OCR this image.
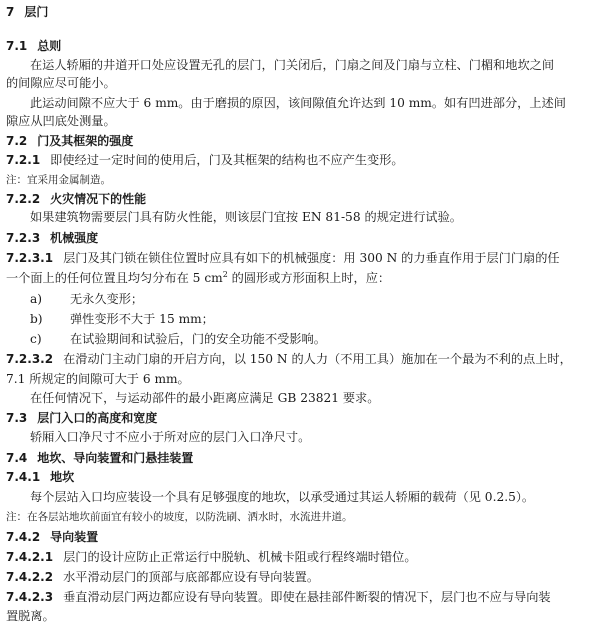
7 层门
7.1 总则
在运人轿厢的井道开口处应设置无孔的层门，门关闭后，门扇之间及门扇与立柱、门楣和地坎之间
的间隙应尽可能小。
此运动间隙不应大于 6 mm。由于磨损的原因，该间隙值允许达到 10 mm。如有凹进部分，上述间
隙应从凹底处测量。
7.2 门及其框架的强度
7.2.1 即使经过一定时间的使用后，门及其框架的结构也不应产生变形。
注：宜采用金属制造。
7.2.2 火灾情况下的性能
如果建筑物需要层门具有防火性能，则该层门宜按 EN 81-58 的规定进行试验。
7.2.3 机械强度
7.2.3.1 层门及其门锁在锁住位置时应具有如下的机械强度：用 300 N 的力垂直作用于层门门扇的任
一个面上的任何位置且均匀分布在 5 $cm^2$ 的圆形或方形面积上时，应：
a) 无永久变形；
b) 弹性变形不大于 15 mm；
c) 在试验期间和试验后，门的安全功能不受影响。
7.2.3.2 在滑动门主动门扇的开启方向，以 150 N 的人力（不用工具）施加在一个最为不利的点上时，
7.1 所规定的间隙可大于 6 mm。
在任何情况下，与运动部件的最小距离应满足 GB 23821 要求。
7.3 层门入口的高度和宽度
轿厢入口净尺寸不应小于所对应的层门入口净尺寸。
7.4 地坎、导向装置和门悬挂装置
7.4.1 地坎
每个层站入口均应装设一个具有足够强度的地坎，以承受通过其运人轿厢的载荷（见 0.2.5）。
注：在各层站地坎前面宜有较小的坡度，以防洗刷、洒水时，水流进井道。
7.4.2 导向装置
7.4.2.1 层门的设计应防止正常运行中脱轨、机械卡阻或行程终端时错位。
7.4.2.2 水平滑动层门的顶部与底部都应设有导向装置。
7.4.2.3 垂直滑动层门两边都应设有导向装置。即使在悬挂部件断裂的情况下，层门也不应与导向装
置脱离。
